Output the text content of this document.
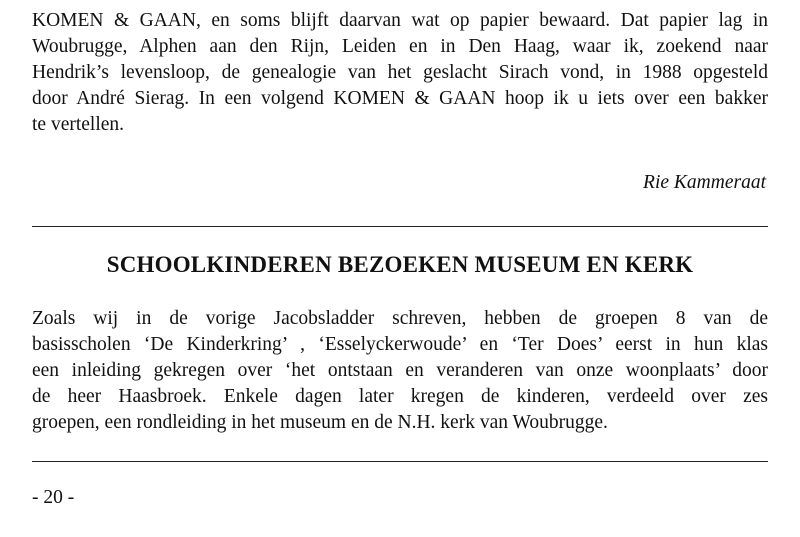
KOMEN & GAAN, en soms blijft daarvan wat op papier bewaard. Dat papier lag in
Woubrugge, Alphen aan den Rijn, Leiden en in Den Haag, waar ik, zoekend naar
Hendrik’s levensloop, de genealogie van het geslacht Sirach vond, in 1988 opgesteld
door André Sierag. In een volgend KOMEN & GAAN hoop ik u iets over een bakker
te vertellen.

Rie Kammeraat

SCHOOLKINDEREN BEZOEKEN MUSEUM EN KERK
Zoals wij in de vorige Jacobsladder schreven, hebben de groepen 8 van de
basisscholen ‘De Kinderkring’ , ‘Esselyckerwoude’ en ‘Ter Does’ eerst in hun klas
een inleiding gekregen over ‘het ontstaan en veranderen van onze woonplaats’ door
de heer Haasbroek. Enkele dagen later kregen de kinderen, verdeeld over zes
groepen, een rondleiding in het museum en de N.H. kerk van Woubrugge.

- 20 -
